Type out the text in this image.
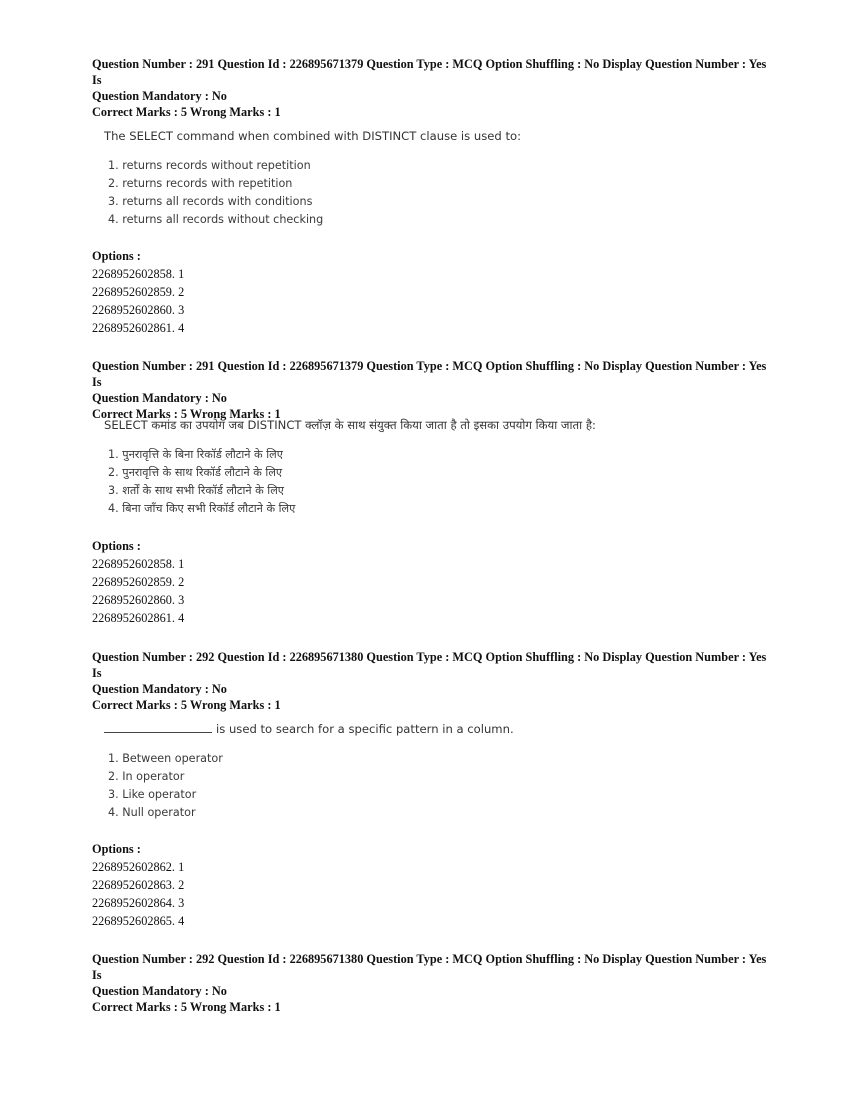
Question Number : 291 Question Id : 226895671379 Question Type : MCQ Option Shuffling : No Display Question Number : Yes Is
Question Mandatory : No
Correct Marks : 5 Wrong Marks : 1
The SELECT command when combined with DISTINCT clause is used to:
1. returns records without repetition
2. returns records with repetition
3. returns all records with conditions
4. returns all records without checking
Options :
2268952602858. 1
2268952602859. 2
2268952602860. 3
2268952602861. 4
Question Number : 291 Question Id : 226895671379 Question Type : MCQ Option Shuffling : No Display Question Number : Yes Is
Question Mandatory : No
Correct Marks : 5 Wrong Marks : 1
SELECT कमांड का उपयोग जब DISTINCT क्लॉज़ के साथ संयुक्त किया जाता है तो इसका उपयोग किया जाता है:
1. पुनरावृत्ति के बिना रिकॉर्ड लौटाने के लिए
2. पुनरावृत्ति के साथ रिकॉर्ड लौटाने के लिए
3. शर्तों के साथ सभी रिकॉर्ड लौटाने के लिए
4. बिना जाँच किए सभी रिकॉर्ड लौटाने के लिए
Options :
2268952602858. 1
2268952602859. 2
2268952602860. 3
2268952602861. 4
Question Number : 292 Question Id : 226895671380 Question Type : MCQ Option Shuffling : No Display Question Number : Yes Is
Question Mandatory : No
Correct Marks : 5 Wrong Marks : 1
is used to search for a specific pattern in a column.
1. Between operator
2. In operator
3. Like operator
4. Null operator
Options :
2268952602862. 1
2268952602863. 2
2268952602864. 3
2268952602865. 4
Question Number : 292 Question Id : 226895671380 Question Type : MCQ Option Shuffling : No Display Question Number : Yes Is
Question Mandatory : No
Correct Marks : 5 Wrong Marks : 1
